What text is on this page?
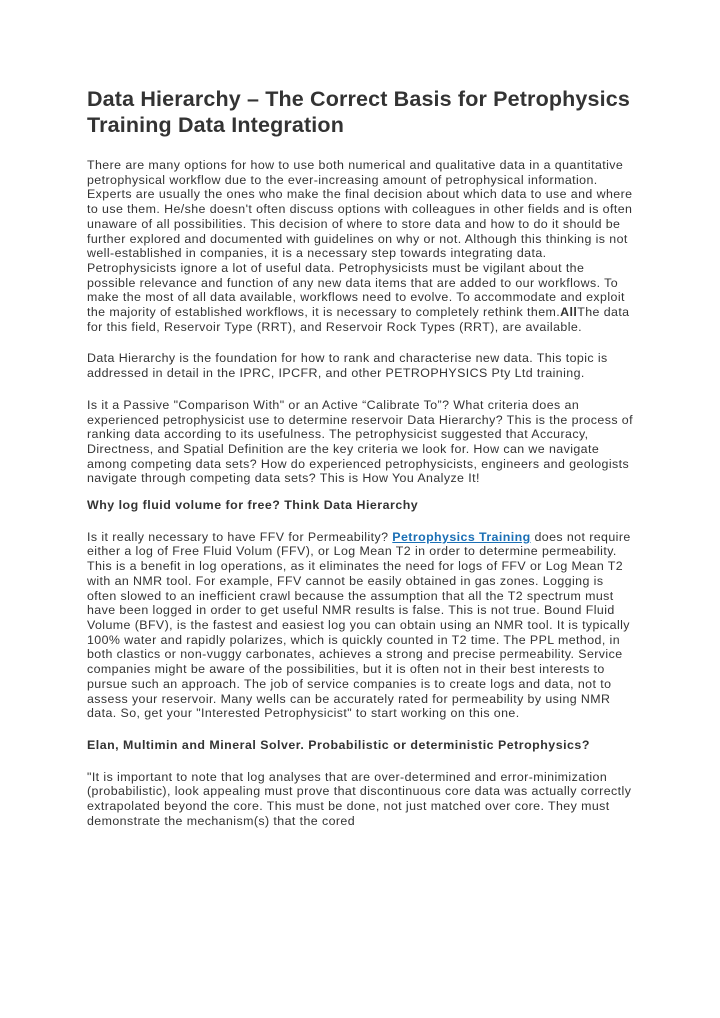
Data Hierarchy – The Correct Basis for Petrophysics Training Data Integration

There are many options for how to use both numerical and qualitative data in a quantitative petrophysical workflow due to the ever-increasing amount of petrophysical information. Experts are usually the ones who make the final decision about which data to use and where to use them. He/she doesn't often discuss options with colleagues in other fields and is often unaware of all possibilities. This decision of where to store data and how to do it should be further explored and documented with guidelines on why or not. Although this thinking is not well-established in companies, it is a necessary step towards integrating data. Petrophysicists ignore a lot of useful data. Petrophysicists must be vigilant about the possible relevance and function of any new data items that are added to our workflows. To make the most of all data available, workflows need to evolve. To accommodate and exploit the majority of established workflows, it is necessary to completely rethink them.AllThe data for this field, Reservoir Type (RRT), and Reservoir Rock Types (RRT), are available.

Data Hierarchy is the foundation for how to rank and characterise new data. This topic is addressed in detail in the IPRC, IPCFR, and other PETROPHYSICS Pty Ltd training.

Is it a Passive "Comparison With" or an Active “Calibrate To”? What criteria does an experienced petrophysicist use to determine reservoir Data Hierarchy? This is the process of ranking data according to its usefulness. The petrophysicist suggested that Accuracy, Directness, and Spatial Definition are the key criteria we look for. How can we navigate among competing data sets? How do experienced petrophysicists, engineers and geologists navigate through competing data sets? This is How You Analyze It!

Why log fluid volume for free? Think Data Hierarchy

Is it really necessary to have FFV for Permeability? Petrophysics Training does not require either a log of Free Fluid Volum (FFV), or Log Mean T2 in order to determine permeability. This is a benefit in log operations, as it eliminates the need for logs of FFV or Log Mean T2 with an NMR tool. For example, FFV cannot be easily obtained in gas zones. Logging is often slowed to an inefficient crawl because the assumption that all the T2 spectrum must have been logged in order to get useful NMR results is false. This is not true. Bound Fluid Volume (BFV), is the fastest and easiest log you can obtain using an NMR tool. It is typically 100% water and rapidly polarizes, which is quickly counted in T2 time. The PPL method, in both clastics or non-vuggy carbonates, achieves a strong and precise permeability. Service companies might be aware of the possibilities, but it is often not in their best interests to pursue such an approach. The job of service companies is to create logs and data, not to assess your reservoir. Many wells can be accurately rated for permeability by using NMR data. So, get your "Interested Petrophysicist" to start working on this one.

Elan, Multimin and Mineral Solver. Probabilistic or deterministic Petrophysics?

"It is important to note that log analyses that are over-determined and error-minimization (probabilistic), look appealing must prove that discontinuous core data was actually correctly extrapolated beyond the core. This must be done, not just matched over core. They must demonstrate the mechanism(s) that the cored
